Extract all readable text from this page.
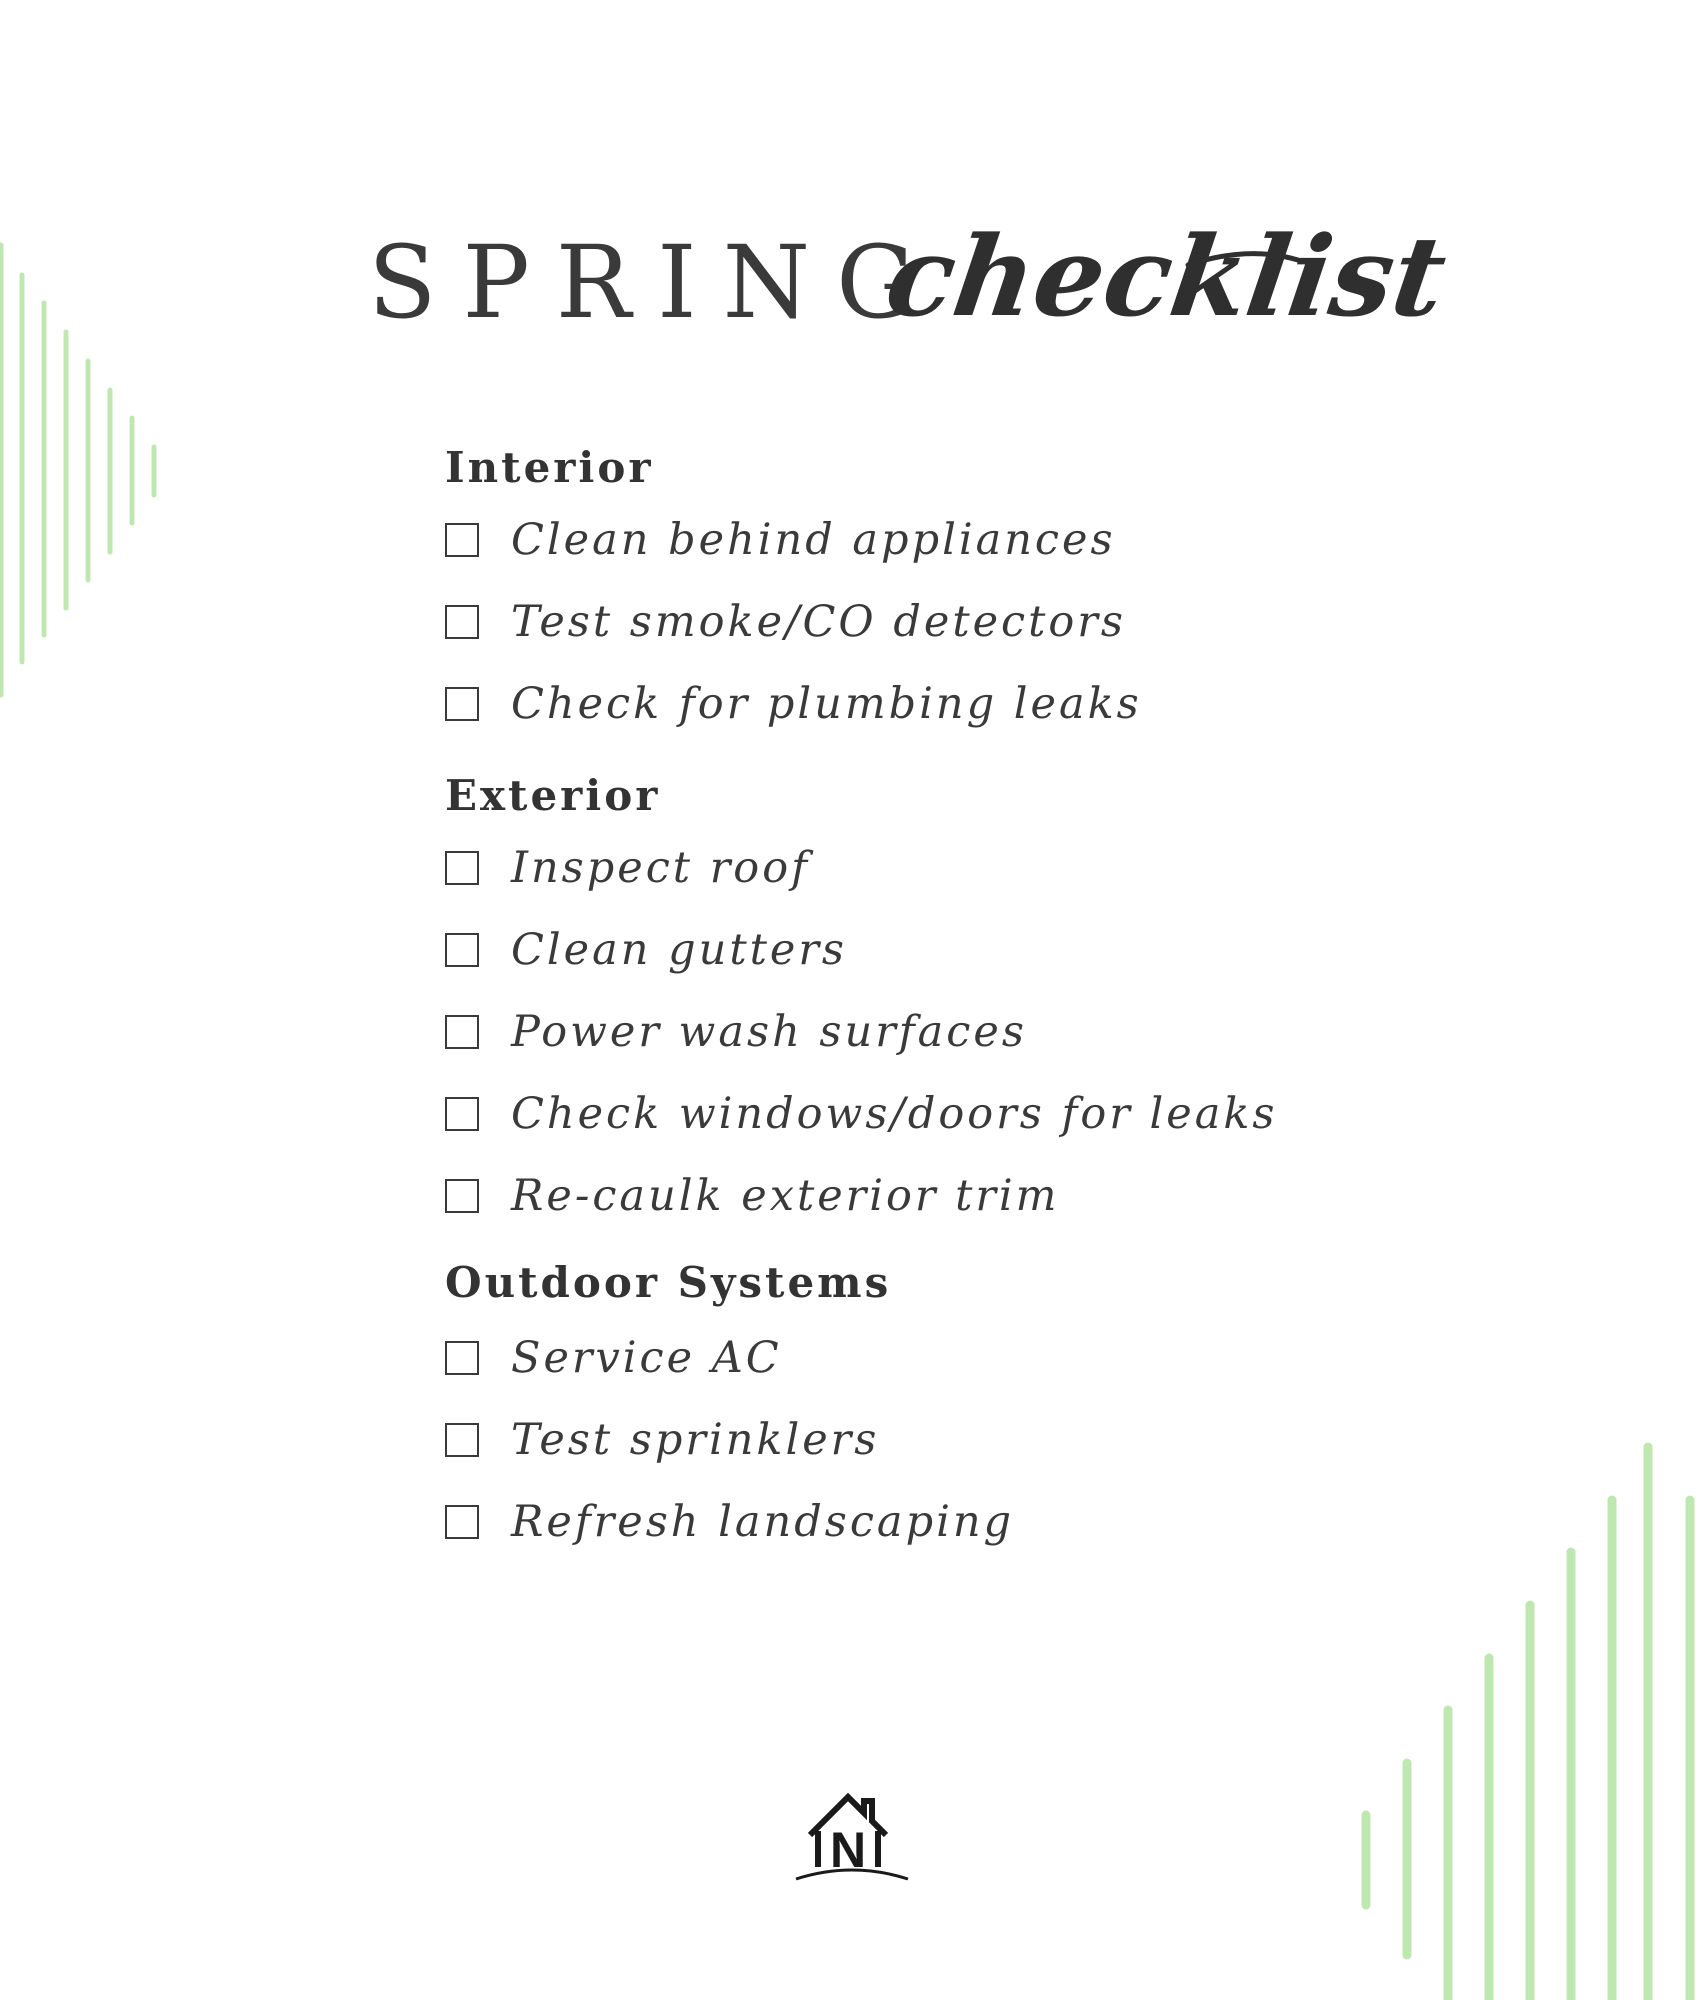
SPRING
checklist
Interior
Clean behind appliances
Test smoke/CO detectors
Check for plumbing leaks
Exterior
Inspect roof
Clean gutters
Power wash surfaces
Check windows/doors for leaks
Re-caulk exterior trim
Outdoor Systems
Service AC
Test sprinklers
Refresh landscaping
N
